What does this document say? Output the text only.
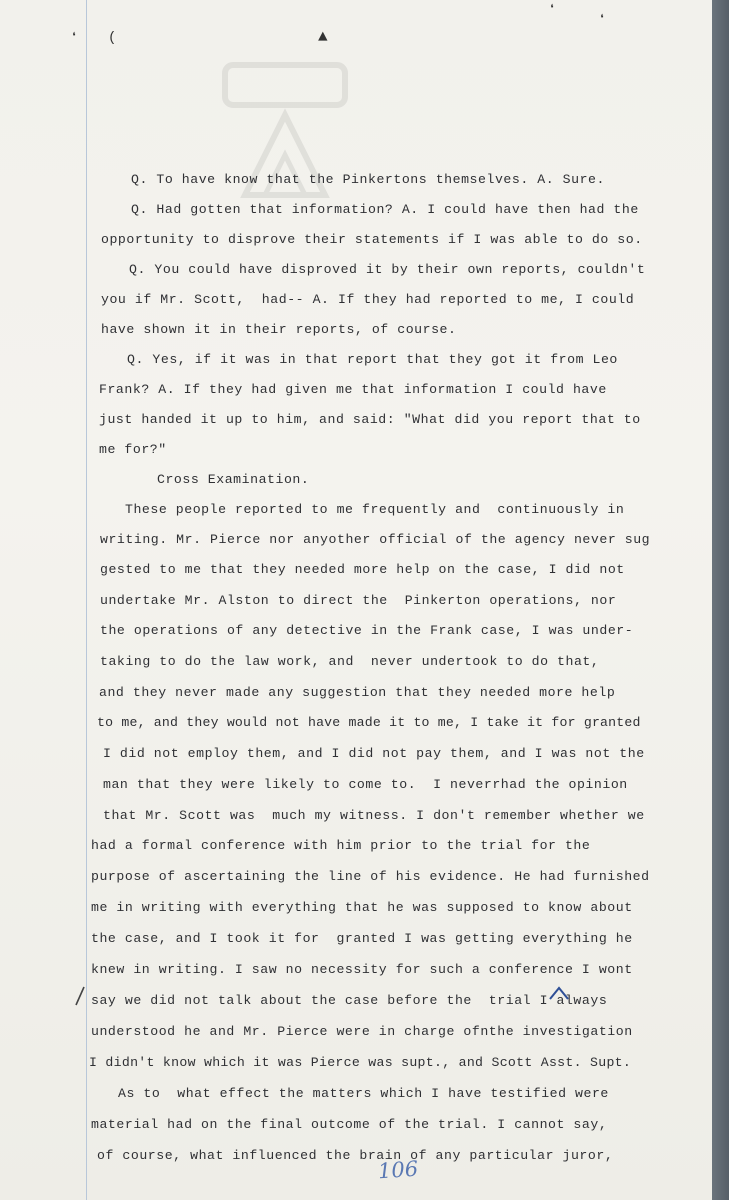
❛ (	▲
❛
❛
Q. To have know that the Pinkertons themselves. A. Sure.
Q. Had gotten that information? A. I could have then had the
opportunity to disprove their statements if I was able to do so.
Q. You could have disproved it by their own reports, couldn't
you if Mr. Scott,  had-- A. If they had reported to me, I could
have shown it in their reports, of course.
Q. Yes, if it was in that report that they got it from Leo
Frank? A. If they had given me that information I could have
just handed it up to him, and said: "What did you report that to
me for?"
Cross Examination.
These people reported to me frequently and  continuously in
writing. Mr. Pierce nor anyother official of the agency never sug
gested to me that they needed more help on the case, I did not
undertake Mr. Alston to direct the  Pinkerton operations, nor
the operations of any detective in the Frank case, I was under-
taking to do the law work, and  never undertook to do that,
and they never made any suggestion that they needed more help
to me, and they would not have made it to me, I take it for granted
I did not employ them, and I did not pay them, and I was not the
man that they were likely to come to.  I neverrhad the opinion
that Mr. Scott was  much my witness. I don't remember whether we
had a formal conference with him prior to the trial for the
purpose of ascertaining the line of his evidence. He had furnished
me in writing with everything that he was supposed to know about
the case, and I took it for  granted I was getting everything he
knew in writing. I saw no necessity for such a conference I wont
say we did not talk about the case before the  trial I always
understood he and Mr. Pierce were in charge ofnthe investigation
I didn't know which it was Pierce was supt., and Scott Asst. Supt.
As to  what effect the matters which I have testified were
material had on the final outcome of the trial. I cannot say,
of course, what influenced the brain of any particular juror,
106
